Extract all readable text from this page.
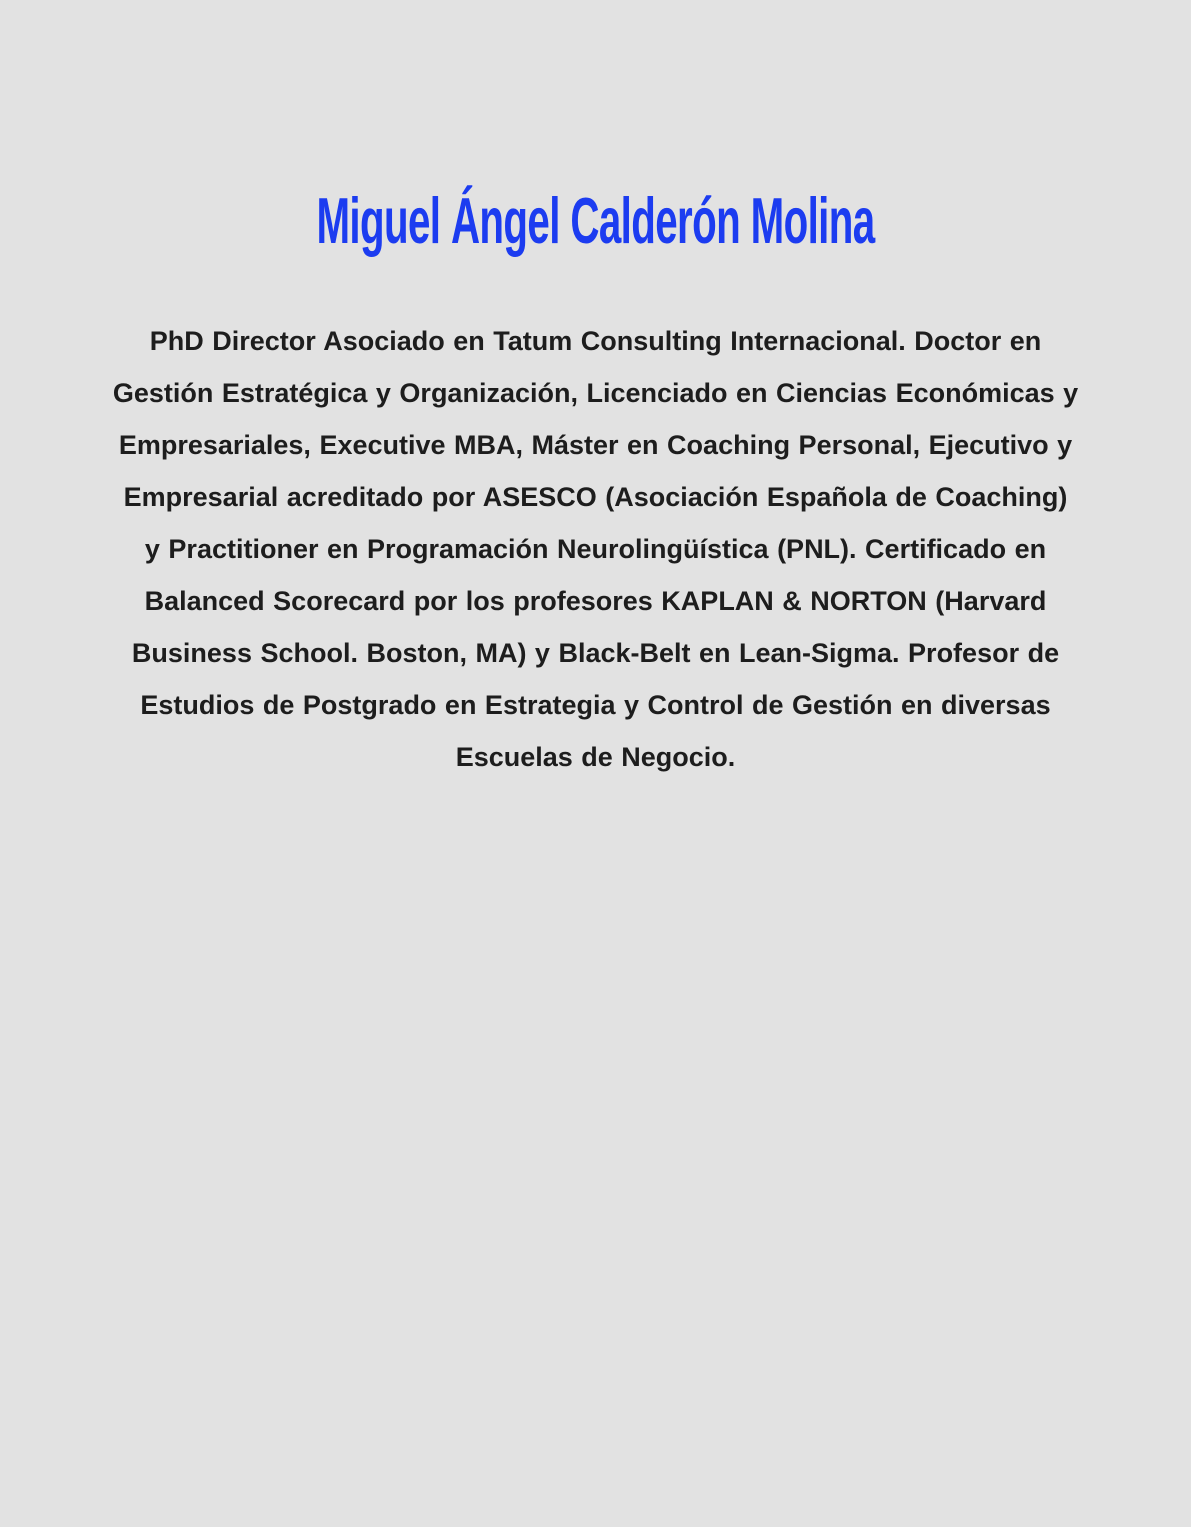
Miguel Ángel Calderón Molina
PhD Director Asociado en Tatum Consulting Internacional. Doctor en
Gestión Estratégica y Organización, Licenciado en Ciencias Económicas y
Empresariales, Executive MBA, Máster en Coaching Personal, Ejecutivo y
Empresarial acreditado por ASESCO (Asociación Española de Coaching)
y Practitioner en Programación Neurolingüística (PNL). Certificado en
Balanced Scorecard por los profesores KAPLAN & NORTON (Harvard
Business School. Boston, MA) y Black-Belt en Lean-Sigma. Profesor de
Estudios de Postgrado en Estrategia y Control de Gestión en diversas
Escuelas de Negocio.
